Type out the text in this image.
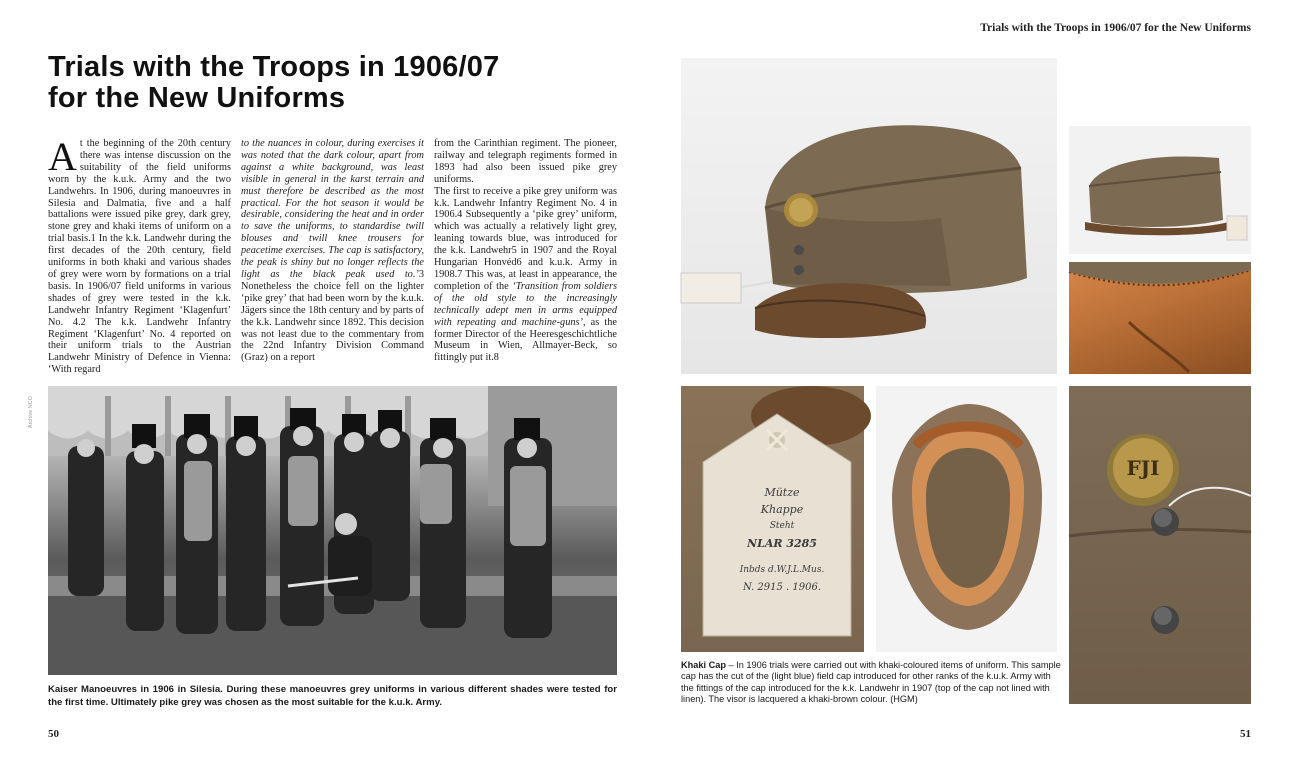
Trials with the Troops in 1906/07 for the New Uniforms
Trials with the Troops in 1906/07
for the New Uniforms

At the beginning of the 20th century there was intense discussion on the suitability of the field uniforms worn by the k.u.k. Army and the two Landwehrs. In 1906, during manoeuvres in Silesia and Dalmatia, five and a half battalions were issued pike grey, dark grey, stone grey and khaki items of uniform on a trial basis.1 In the k.k. Landwehr during the first decades of the 20th century, field uniforms in both khaki and various shades of grey were worn by formations on a trial basis. In 1906/07 field uniforms in various shades of grey were tested in the k.k. Landwehr Infantry Regiment ‘Klagenfurt’ No. 4.2 The k.k. Landwehr Infantry Regiment ‘Klagenfurt’ No. 4 reported on their uniform trials to the Austrian Landwehr Ministry of Defence in Vienna: ‘With regard

to the nuances in colour, during exercises it was noted that the dark colour, apart from against a white background, was least visible in general in the karst terrain and must therefore be described as the most practical. For the hot season it would be desirable, considering the heat and in order to save the uniforms, to standardise twill blouses and twill knee trousers for peacetime exercises. The cap is satisfactory, the peak is shiny but no longer reflects the light as the black peak used to.’3 Nonetheless the choice fell on the lighter ‘pike grey’ that had been worn by the k.u.k. Jägers since the 18th century and by parts of the k.k. Landwehr since 1892. This decision was not least due to the commentary from the 22nd Infantry Division Command (Graz) on a report

from the Carinthian regiment. The pioneer, railway and telegraph regiments formed in 1893 had also been issued pike grey uniforms.

The first to receive a pike grey uniform was k.k. Landwehr Infantry Regiment No. 4 in 1906.4 Subsequently a ‘pike grey’ uniform, which was actually a relatively light grey, leaning towards blue, was introduced for the k.k. Landwehr5 in 1907 and the Royal Hungarian Honvéd6 and k.u.k. Army in 1908.7 This was, at least in appearance, the completion of the ‘Transition from soldiers of the old style to the increasingly technically adept men in arms equipped with repeating and machine-guns’, as the former Director of the Heeresgeschichtliche Museum in Wien, Allmayer-Beck, so fittingly put it.8

Archive NCO
Kaiser Manoeuvres in 1906 in Silesia. During these manoeuvres grey uniforms in various different shades were tested for the first time. Ultimately pike grey was chosen as the most suitable for the k.u.k. Army.
Mütze
Khappe
Steht
NLAR 3285
Inbds d.W.J.L.Mus.
N. 2915 . 1906.
FJI
Khaki Cap – In 1906 trials were carried out with khaki-coloured items of uniform. This sample cap has the cut of the (light blue) field cap introduced for other ranks of the k.u.k. Army with the fittings of the cap introduced for the k.k. Landwehr in 1907 (top of the cap not lined with linen). The visor is lacquered a khaki-brown colour. (HGM)
50	51
